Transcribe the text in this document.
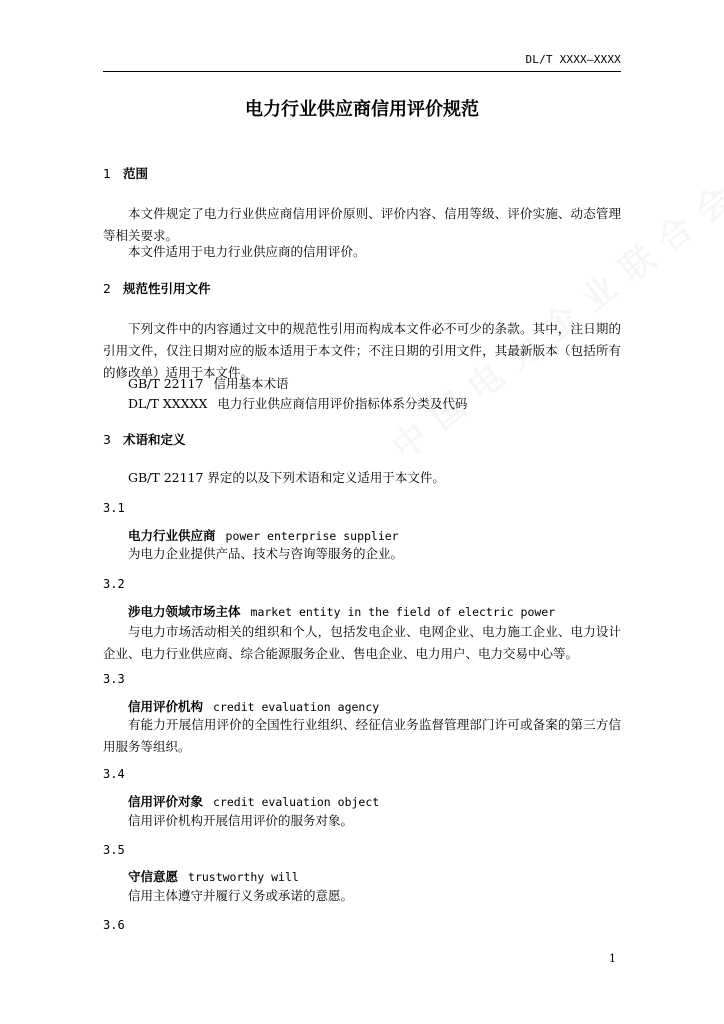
DL/T XXXX—XXXX
电力行业供应商信用评价规范
1 范围
本文件规定了电力行业供应商信用评价原则、评价内容、信用等级、评价实施、动态管理等相关要求。
本文件适用于电力行业供应商的信用评价。
2 规范性引用文件
下列文件中的内容通过文中的规范性引用而构成本文件必不可少的条款。其中，注日期的引用文件，仅注日期对应的版本适用于本文件；不注日期的引用文件，其最新版本（包括所有的修改单）适用于本文件。
GB/T 22117 信用基本术语
DL/T XXXXX 电力行业供应商信用评价指标体系分类及代码
3 术语和定义
GB/T 22117 界定的以及下列术语和定义适用于本文件。
3.1
电力行业供应商 power enterprise supplier
为电力企业提供产品、技术与咨询等服务的企业。
3.2
涉电力领域市场主体 market entity in the field of electric power
与电力市场活动相关的组织和个人，包括发电企业、电网企业、电力施工企业、电力设计企业、电力行业供应商、综合能源服务企业、售电企业、电力用户、电力交易中心等。
3.3
信用评价机构 credit evaluation agency
有能力开展信用评价的全国性行业组织、经征信业务监督管理部门许可或备案的第三方信用服务等组织。
3.4
信用评价对象 credit evaluation object
信用评价机构开展信用评价的服务对象。
3.5
守信意愿 trustworthy will
信用主体遵守并履行义务或承诺的意愿。
3.6
1
